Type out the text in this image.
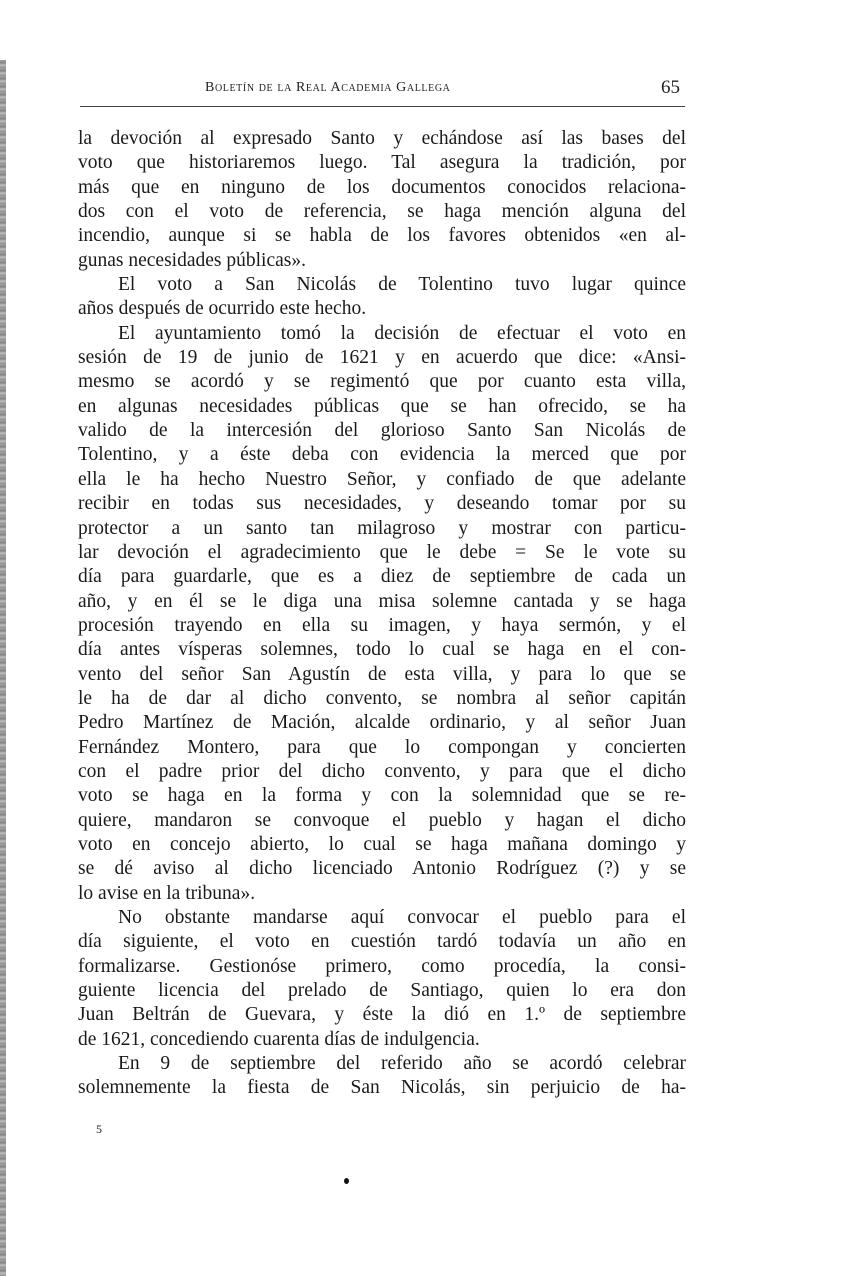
Boletín de la Real Academia Gallega	65
la devoción al expresado Santo y echándose así las bases del
voto que historiaremos luego. Tal asegura la tradición, por
más que en ninguno de los documentos conocidos relaciona-
dos con el voto de referencia, se haga mención alguna del
incendio, aunque si se habla de los favores obtenidos «en al-
gunas necesidades públicas».
El voto a San Nicolás de Tolentino tuvo lugar quince
años después de ocurrido este hecho.
El ayuntamiento tomó la decisión de efectuar el voto en
sesión de 19 de junio de 1621 y en acuerdo que dice: «Ansi-
mesmo se acordó y se regimentó que por cuanto esta villa,
en algunas necesidades públicas que se han ofrecido, se ha
valido de la intercesión del glorioso Santo San Nicolás de
Tolentino, y a éste deba con evidencia la merced que por
ella le ha hecho Nuestro Señor, y confiado de que adelante
recibir en todas sus necesidades, y deseando tomar por su
protector a un santo tan milagroso y mostrar con particu-
lar devoción el agradecimiento que le debe = Se le vote su
día para guardarle, que es a diez de septiembre de cada un
año, y en él se le diga una misa solemne cantada y se haga
procesión trayendo en ella su imagen, y haya sermón, y el
día antes vísperas solemnes, todo lo cual se haga en el con-
vento del señor San Agustín de esta villa, y para lo que se
le ha de dar al dicho convento, se nombra al señor capitán
Pedro Martínez de Mación, alcalde ordinario, y al señor Juan
Fernández Montero, para que lo compongan y concierten
con el padre prior del dicho convento, y para que el dicho
voto se haga en la forma y con la solemnidad que se re-
quiere, mandaron se convoque el pueblo y hagan el dicho
voto en concejo abierto, lo cual se haga mañana domingo y
se dé aviso al dicho licenciado Antonio Rodríguez (?) y se
lo avise en la tribuna».
No obstante mandarse aquí convocar el pueblo para el
día siguiente, el voto en cuestión tardó todavía un año en
formalizarse. Gestionóse primero, como procedía, la consi-
guiente licencia del prelado de Santiago, quien lo era don
Juan Beltrán de Guevara, y éste la dió en 1.º de septiembre
de 1621, concediendo cuarenta días de indulgencia.
En 9 de septiembre del referido año se acordó celebrar
solemnemente la fiesta de San Nicolás, sin perjuicio de ha-
5
